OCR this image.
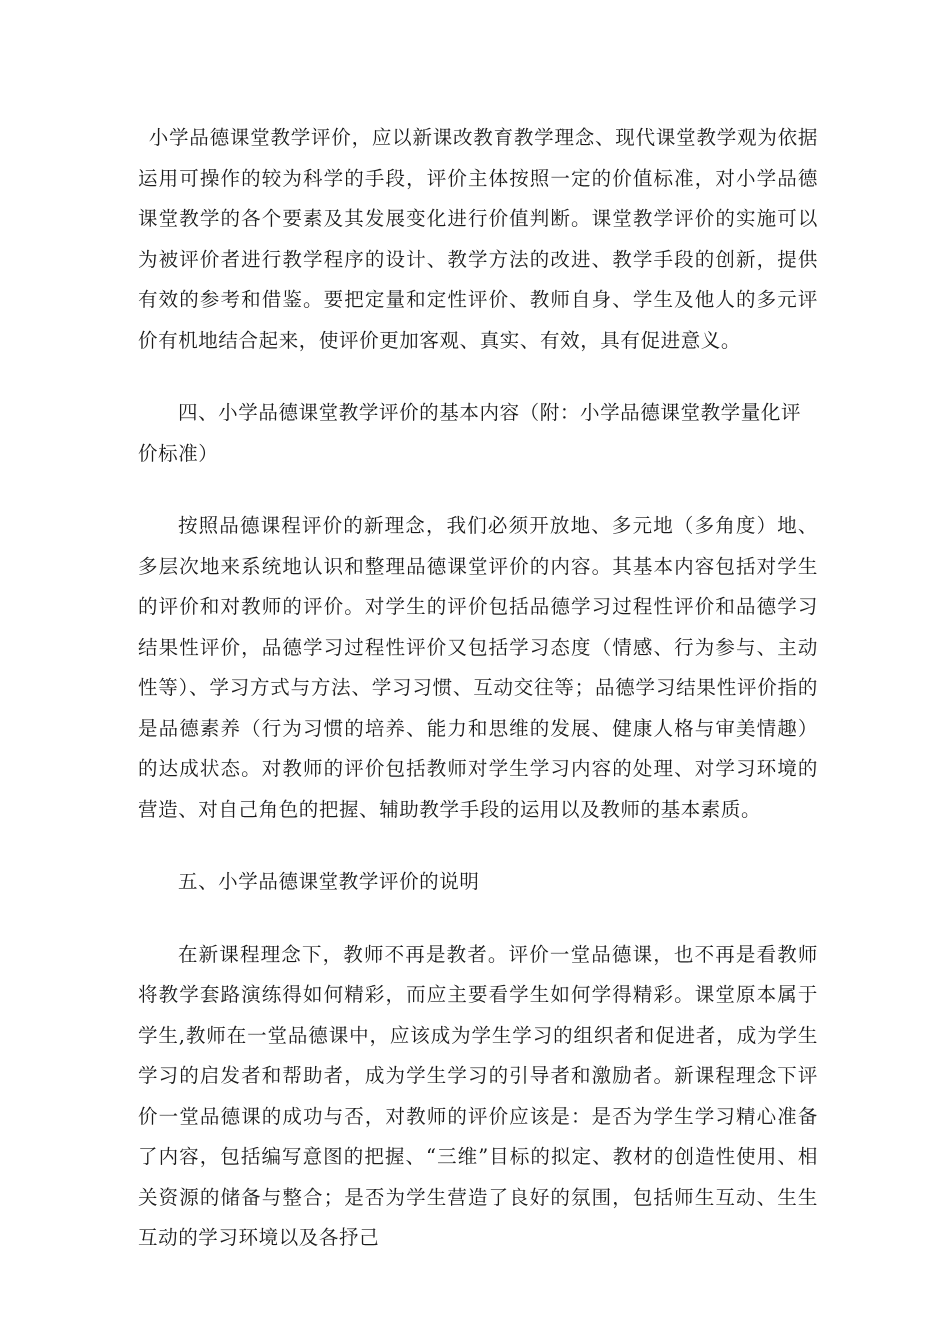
小学品德课堂教学评价，应以新课改教育教学理念、现代课堂教学观为依据运用可操作的较为科学的手段，评价主体按照一定的价值标准，对小学品德课堂教学的各个要素及其发展变化进行价值判断。课堂教学评价的实施可以为被评价者进行教学程序的设计、教学方法的改进、教学手段的创新，提供有效的参考和借鉴。要把定量和定性评价、教师自身、学生及他人的多元评价有机地结合起来，使评价更加客观、真实、有效，具有促进意义。

四、小学品德课堂教学评价的基本内容（附：小学品德课堂教学量化评价标准）

按照品德课程评价的新理念，我们必须开放地、多元地（多角度）地、多层次地来系统地认识和整理品德课堂评价的内容。其基本内容包括对学生的评价和对教师的评价。对学生的评价包括品德学习过程性评价和品德学习结果性评价，品德学习过程性评价又包括学习态度（情感、行为参与、主动性等）、学习方式与方法、学习习惯、互动交往等；品德学习结果性评价指的是品德素养（行为习惯的培养、能力和思维的发展、健康人格与审美情趣）的达成状态。对教师的评价包括教师对学生学习内容的处理、对学习环境的营造、对自己角色的把握、辅助教学手段的运用以及教师的基本素质。

五、小学品德课堂教学评价的说明

在新课程理念下，教师不再是教者。评价一堂品德课，也不再是看教师将教学套路演练得如何精彩，而应主要看学生如何学得精彩。课堂原本属于学生,教师在一堂品德课中，应该成为学生学习的组织者和促进者，成为学生学习的启发者和帮助者，成为学生学习的引导者和激励者。新课程理念下评价一堂品德课的成功与否，对教师的评价应该是：是否为学生学习精心准备了内容，包括编写意图的把握、“三维”目标的拟定、教材的创造性使用、相关资源的储备与整合；是否为学生营造了良好的氛围，包括师生互动、生生互动的学习环境以及各抒己
